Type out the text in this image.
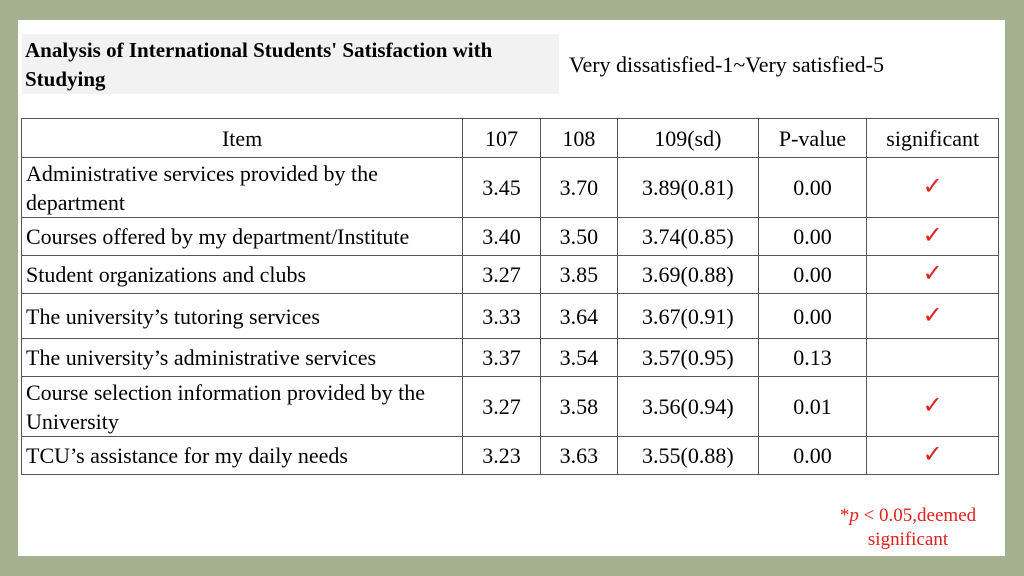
Analysis of International Students' Satisfaction with Studying
Very dissatisfied-1~Very satisfied-5
Item	107	108	109(sd)	P-value	significant
Administrative services provided by the department	3.45	3.70	3.89(0.81)	0.00	✓
Courses offered by my department/Institute	3.40	3.50	3.74(0.85)	0.00	✓
Student organizations and clubs	3.27	3.85	3.69(0.88)	0.00	✓
The university’s tutoring services	3.33	3.64	3.67(0.91)	0.00	✓
The university’s administrative services	3.37	3.54	3.57(0.95)	0.13	
Course selection information provided by the University	3.27	3.58	3.56(0.94)	0.01	✓
TCU’s assistance for my daily needs	3.23	3.63	3.55(0.88)	0.00	✓
*p < 0.05,deemed significant
